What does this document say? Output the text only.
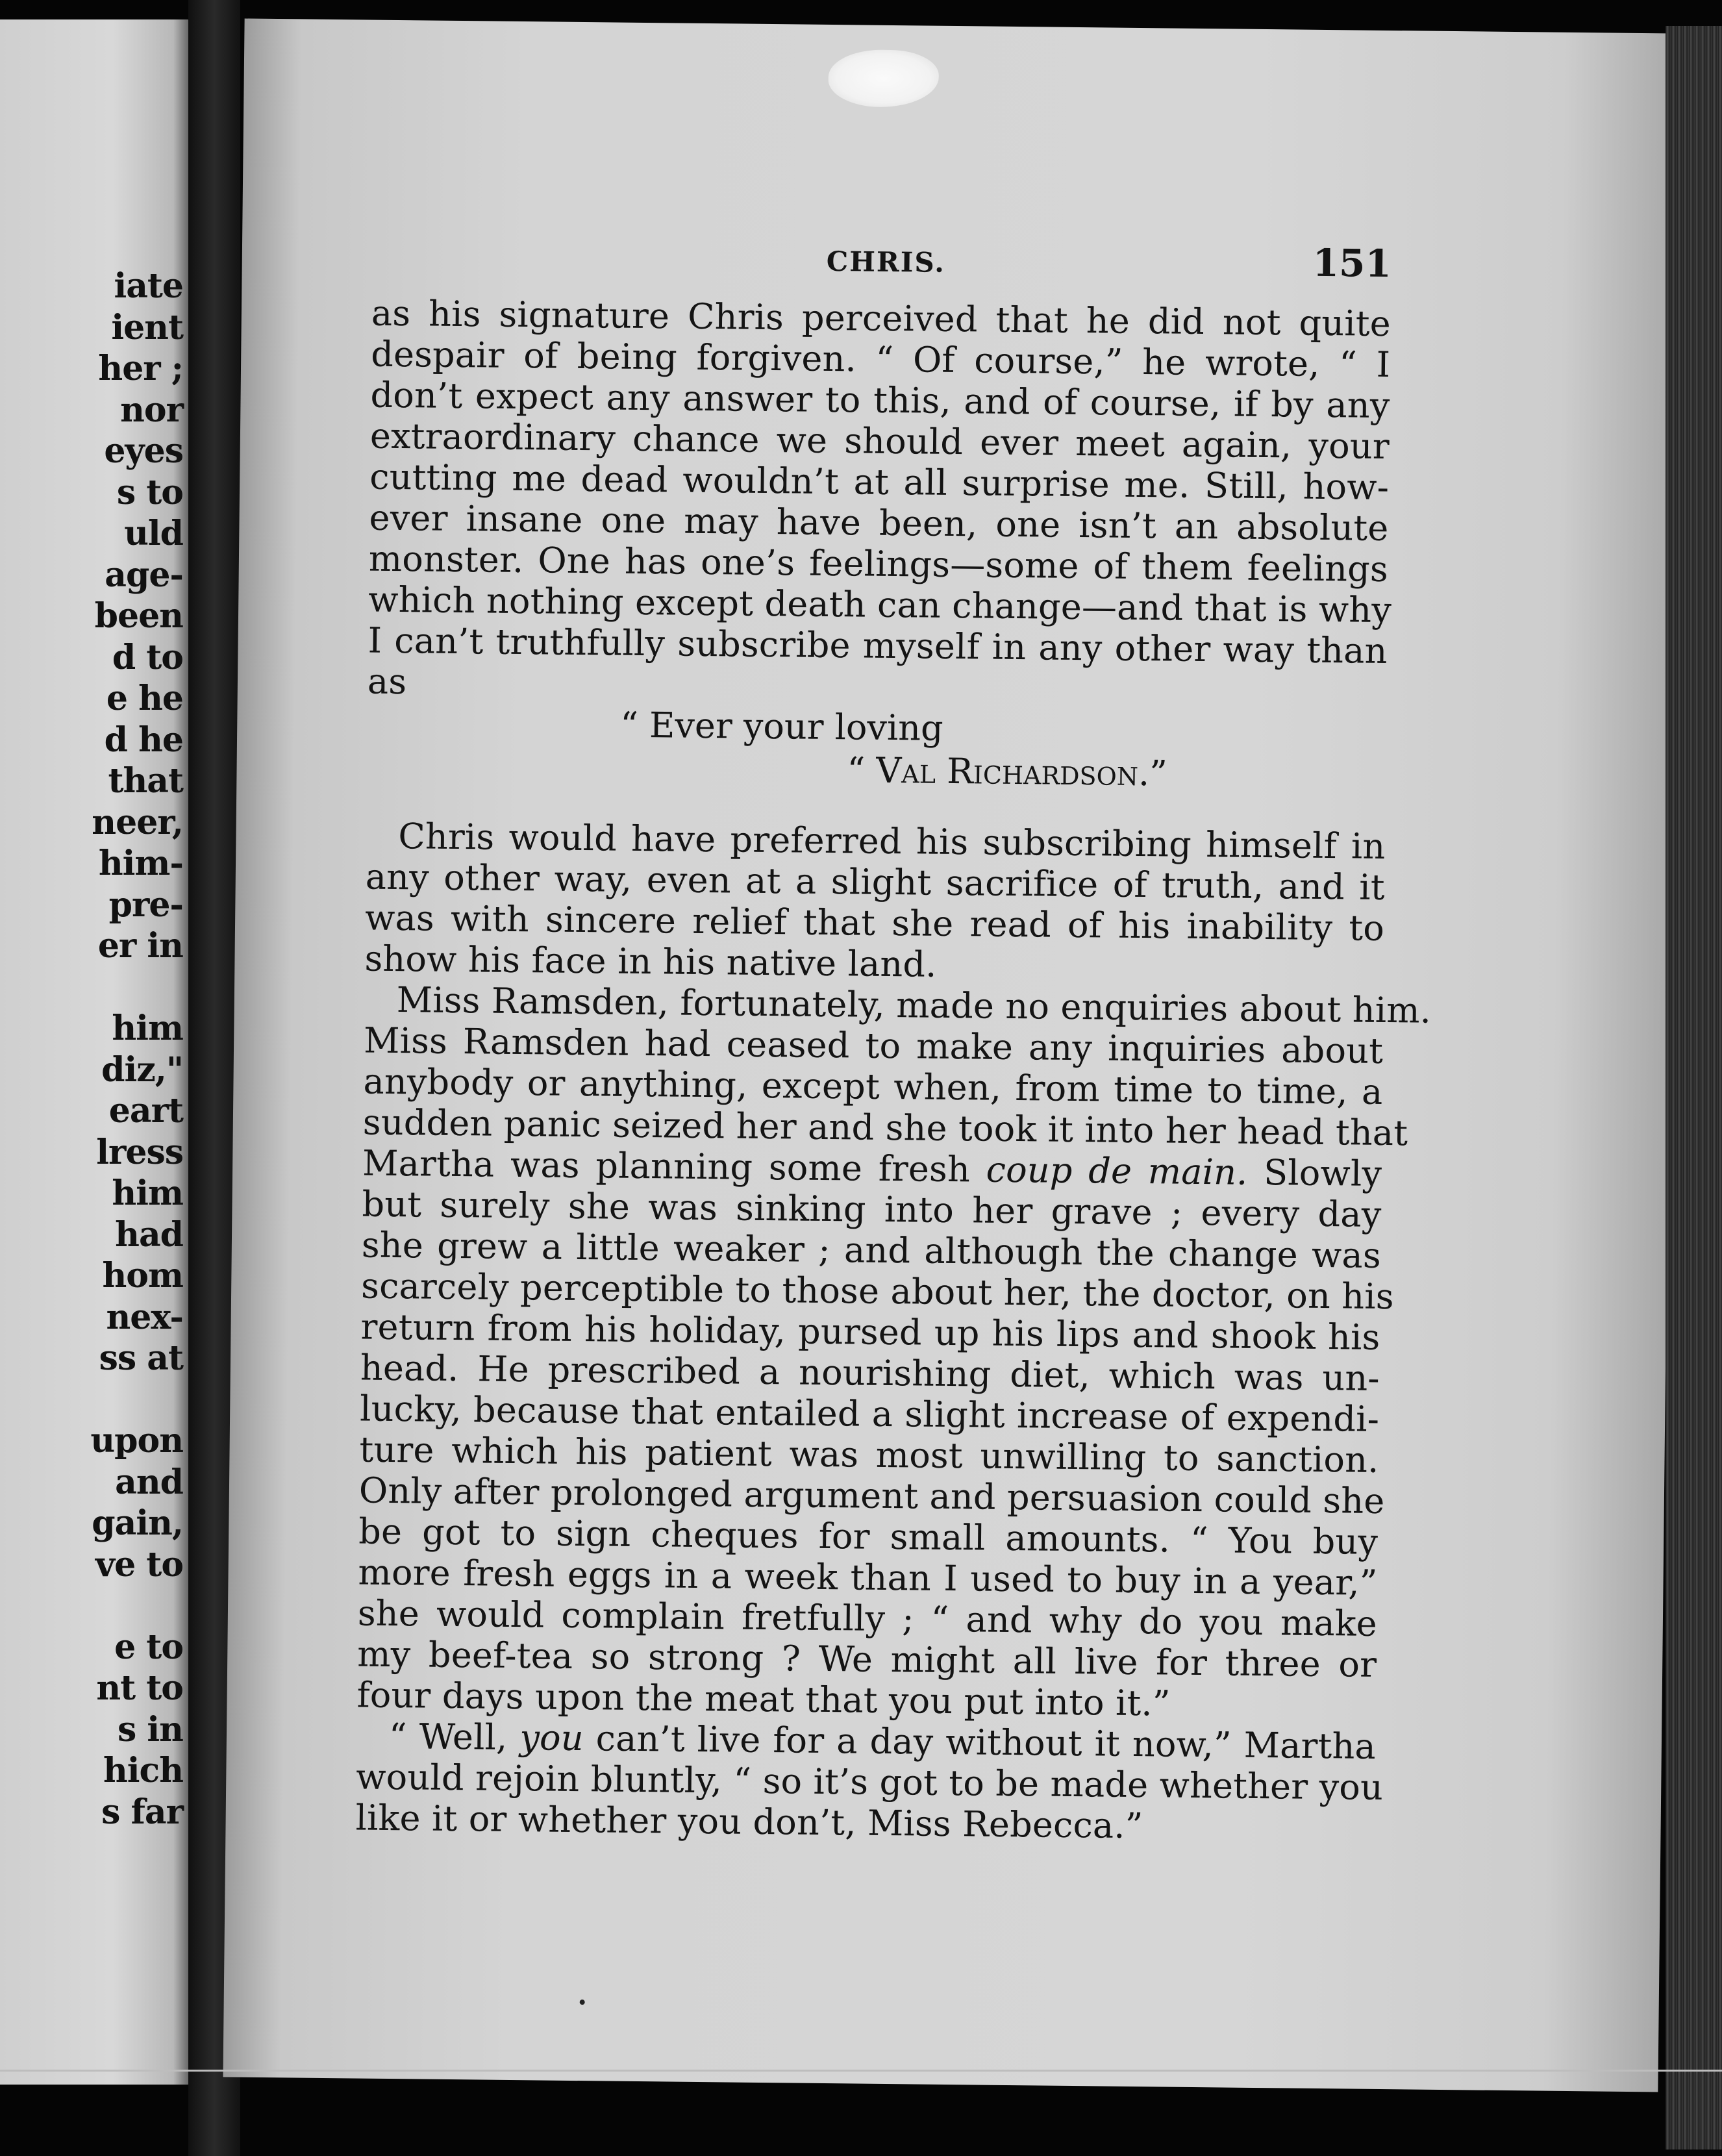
iate
ient
her ;
nor
eyes
s to
uld
age-
been
d to
e he
d he
that
neer,
him-
pre-
er in
him
diz,"
eart
lress
him
had
hom
nex-
ss at
upon
and
gain,
ve to
e to
nt to
s in
hich
s far
CHRIS.	151
as his signature Chris perceived that he did not quite
despair of being forgiven. “ Of course,” he wrote, “ I
don’t expect any answer to this, and of course, if by any
extraordinary chance we should ever meet again, your
cutting me dead wouldn’t at all surprise me. Still, how-
ever insane one may have been, one isn’t an absolute
monster. One has one’s feelings—some of them feelings
which nothing except death can change—and that is why
I can’t truthfully subscribe myself in any other way than
as
“ Ever your loving
“ Val Richardson.”
Chris would have preferred his subscribing himself in
any other way, even at a slight sacrifice of truth, and it
was with sincere relief that she read of his inability to
show his face in his native land.
Miss Ramsden, fortunately, made no enquiries about him.
Miss Ramsden had ceased to make any inquiries about
anybody or anything, except when, from time to time, a
sudden panic seized her and she took it into her head that
Martha was planning some fresh coup de main. Slowly
but surely she was sinking into her grave ; every day
she grew a little weaker ; and although the change was
scarcely perceptible to those about her, the doctor, on his
return from his holiday, pursed up his lips and shook his
head. He prescribed a nourishing diet, which was un-
lucky, because that entailed a slight increase of expendi-
ture which his patient was most unwilling to sanction.
Only after prolonged argument and persuasion could she
be got to sign cheques for small amounts. “ You buy
more fresh eggs in a week than I used to buy in a year,”
she would complain fretfully ; “ and why do you make
my beef-tea so strong ? We might all live for three or
four days upon the meat that you put into it.”
“ Well, you can’t live for a day without it now,” Martha
would rejoin bluntly, “ so it’s got to be made whether you
like it or whether you don’t, Miss Rebecca.”
